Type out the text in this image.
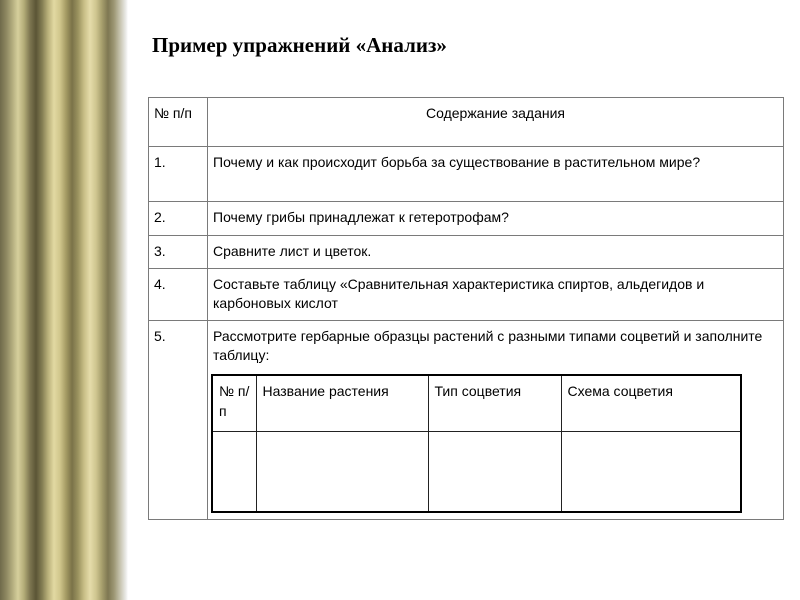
Пример упражнений «Анализ»
№ п/п	Содержание задания
1.	Почему и как происходит борьба за существование в растительном мире?
2.	Почему грибы принадлежат к гетеротрофам?
3.	Сравните лист и цветок.
4.	Составьте таблицу «Сравнительная характеристика спиртов, альдегидов и карбоновых кислот
5.	Рассмотрите гербарные образцы растений с разными типами соцветий и заполните таблицу:
№ п/п	Название растения	Тип соцветия	Схема соцветия
